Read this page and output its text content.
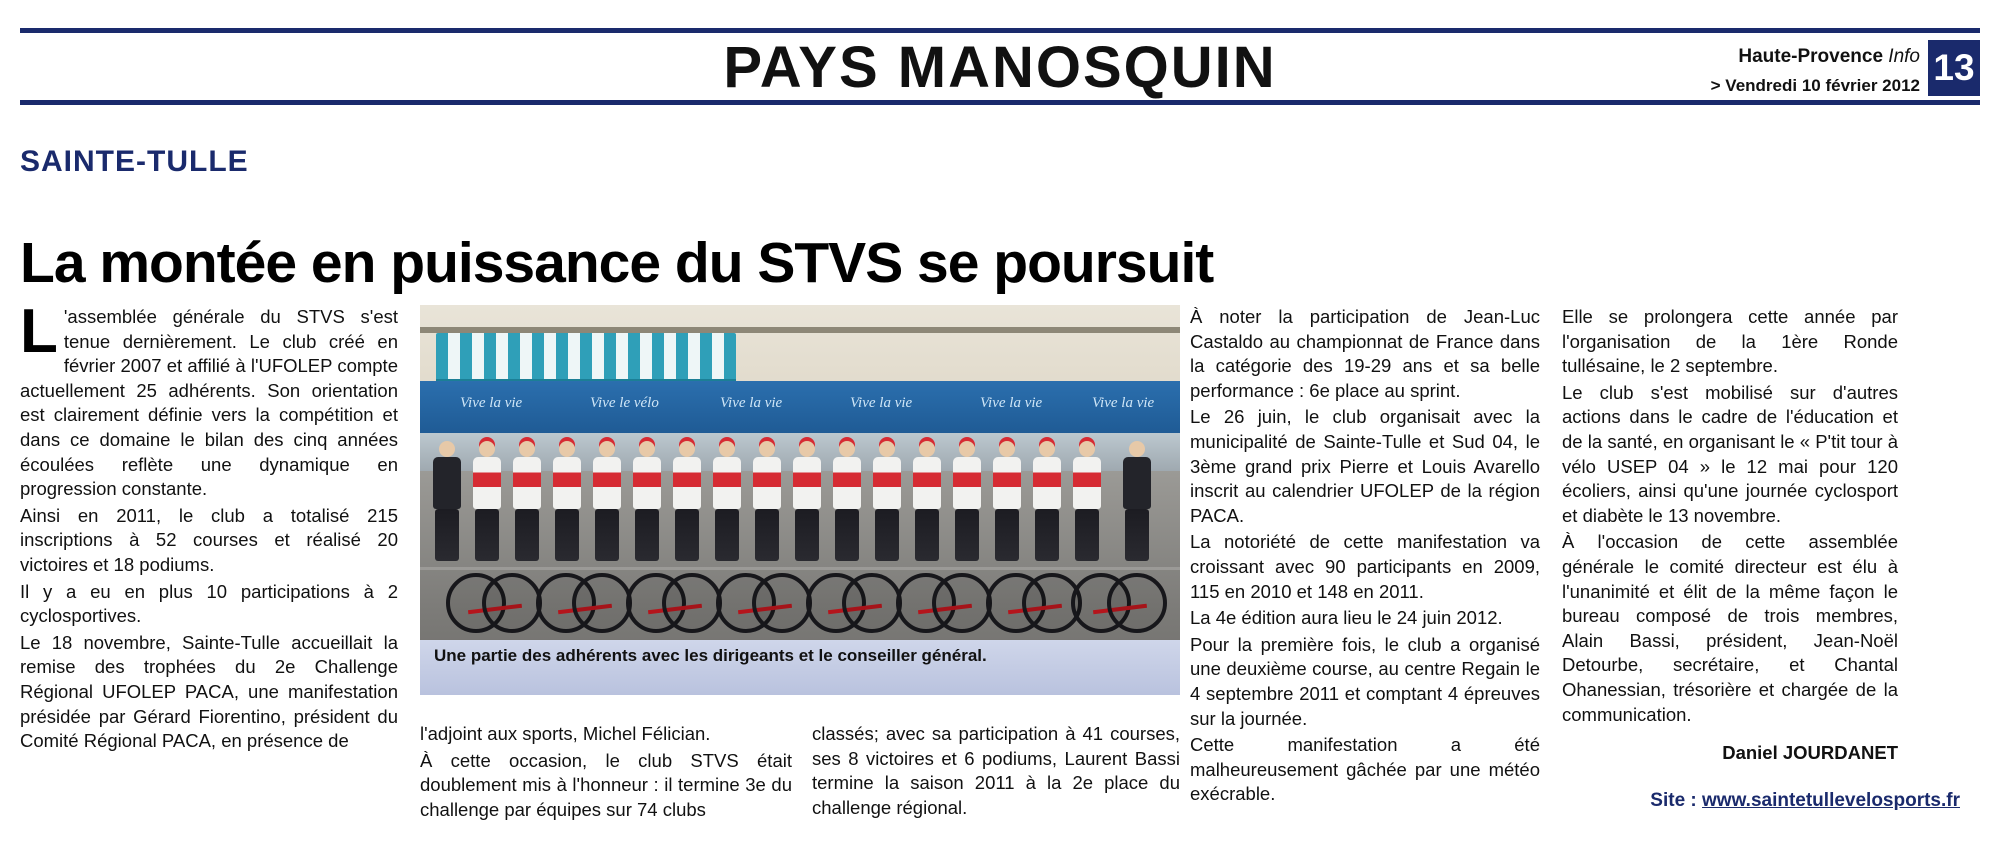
PAYS MANOSQUIN	Haute-Provence Info
> Vendredi 10 février 2012 13
SAINTE-TULLE
La montée en puissance du STVS se poursuit

L 'assemblée générale du STVS s'est tenue dernièrement. Le club créé en février 2007 et affilié à l'UFOLEP compte actuellement 25 adhérents. Son orientation est clairement définie vers la compétition et dans ce domaine le bilan des cinq années écoulées reflète une dynamique en progression constante.

Ainsi en 2011, le club a totalisé 215 inscriptions à 52 courses et réalisé 20 victoires et 18 podiums.

Il y a eu en plus 10 participations à 2 cyclosportives.

Le 18 novembre, Sainte-Tulle accueillait la remise des trophées du 2e Challenge Régional UFOLEP PACA, une manifestation présidée par Gérard Fiorentino, président du Comité Régional PACA, en présence de

Vive la vie	Vive le vélo	Vive la vie	Vive la vie	Vive la vie	Vive la vie
Une partie des adhérents avec les dirigeants et le conseiller général.

l'adjoint aux sports, Michel Félician.

À cette occasion, le club STVS était doublement mis à l'honneur : il termine 3e du challenge par équipes sur 74 clubs

classés; avec sa participation à 41 courses, ses 8 victoires et 6 podiums, Laurent Bassi termine la saison 2011 à la 2e place du challenge régional.

À noter la participation de Jean-Luc Castaldo au championnat de France dans la catégorie des 19-29 ans et sa belle performance : 6e place au sprint.

Le 26 juin, le club organisait avec la municipalité de Sainte-Tulle et Sud 04, le 3ème grand prix Pierre et Louis Avarello inscrit au calendrier UFOLEP de la région PACA.

La notoriété de cette manifestation va croissant avec 90 participants en 2009, 115 en 2010 et 148 en 2011.

La 4e édition aura lieu le 24 juin 2012.

Pour la première fois, le club a organisé une deuxième course, au centre Regain le 4 septembre 2011 et comptant 4 épreuves sur la journée.

Cette manifestation a été malheureusement gâchée par une météo exécrable.

Elle se prolongera cette année par l'organisation de la 1ère Ronde tullésaine, le 2 septembre.

Le club s'est mobilisé sur d'autres actions dans le cadre de l'éducation et de la santé, en organisant le « P'tit tour à vélo USEP 04 » le 12 mai pour 120 écoliers, ainsi qu'une journée cyclosport et diabète le 13 novembre.

À l'occasion de cette assemblée générale le comité directeur est élu à l'unanimité et élit de la même façon le bureau composé de trois membres, Alain Bassi, président, Jean-Noël Detourbe, secrétaire, et Chantal Ohanessian, trésorière et chargée de la communication.

Daniel JOURDANET
Site : www.saintetullevelosports.fr
